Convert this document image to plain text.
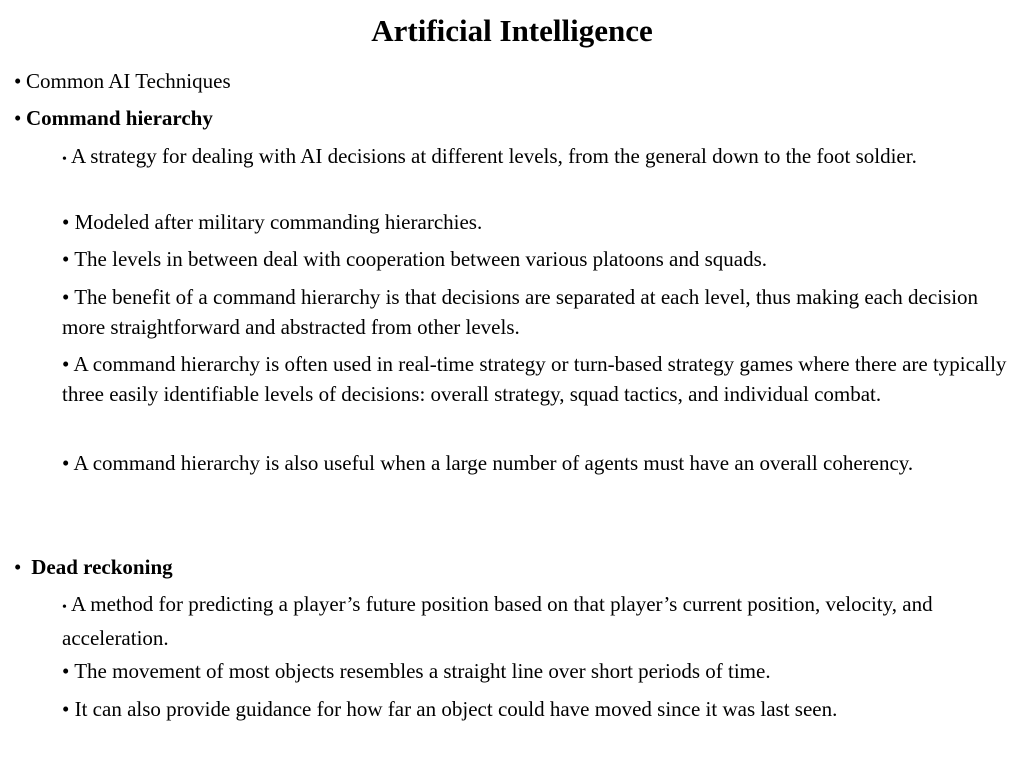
Artificial Intelligence
• Common AI Techniques
• Command hierarchy
• A strategy for dealing with AI decisions at different levels, from the general down to the foot soldier.
• Modeled after military commanding hierarchies.
• The levels in between deal with cooperation between various platoons and squads.
• The benefit of a command hierarchy is that decisions are separated at each level, thus making each decision more straightforward and abstracted from other levels.
• A command hierarchy is often used in real-time strategy or turn-based strategy games where there are typically three easily identifiable levels of decisions: overall strategy, squad tactics, and individual combat.
• A command hierarchy is also useful when a large number of agents must have an overall coherency.
• Dead reckoning
• A method for predicting a player’s future position based on that player’s current position, velocity, and acceleration.
• The movement of most objects resembles a straight line over short periods of time.
• It can also provide guidance for how far an object could have moved since it was last seen.
